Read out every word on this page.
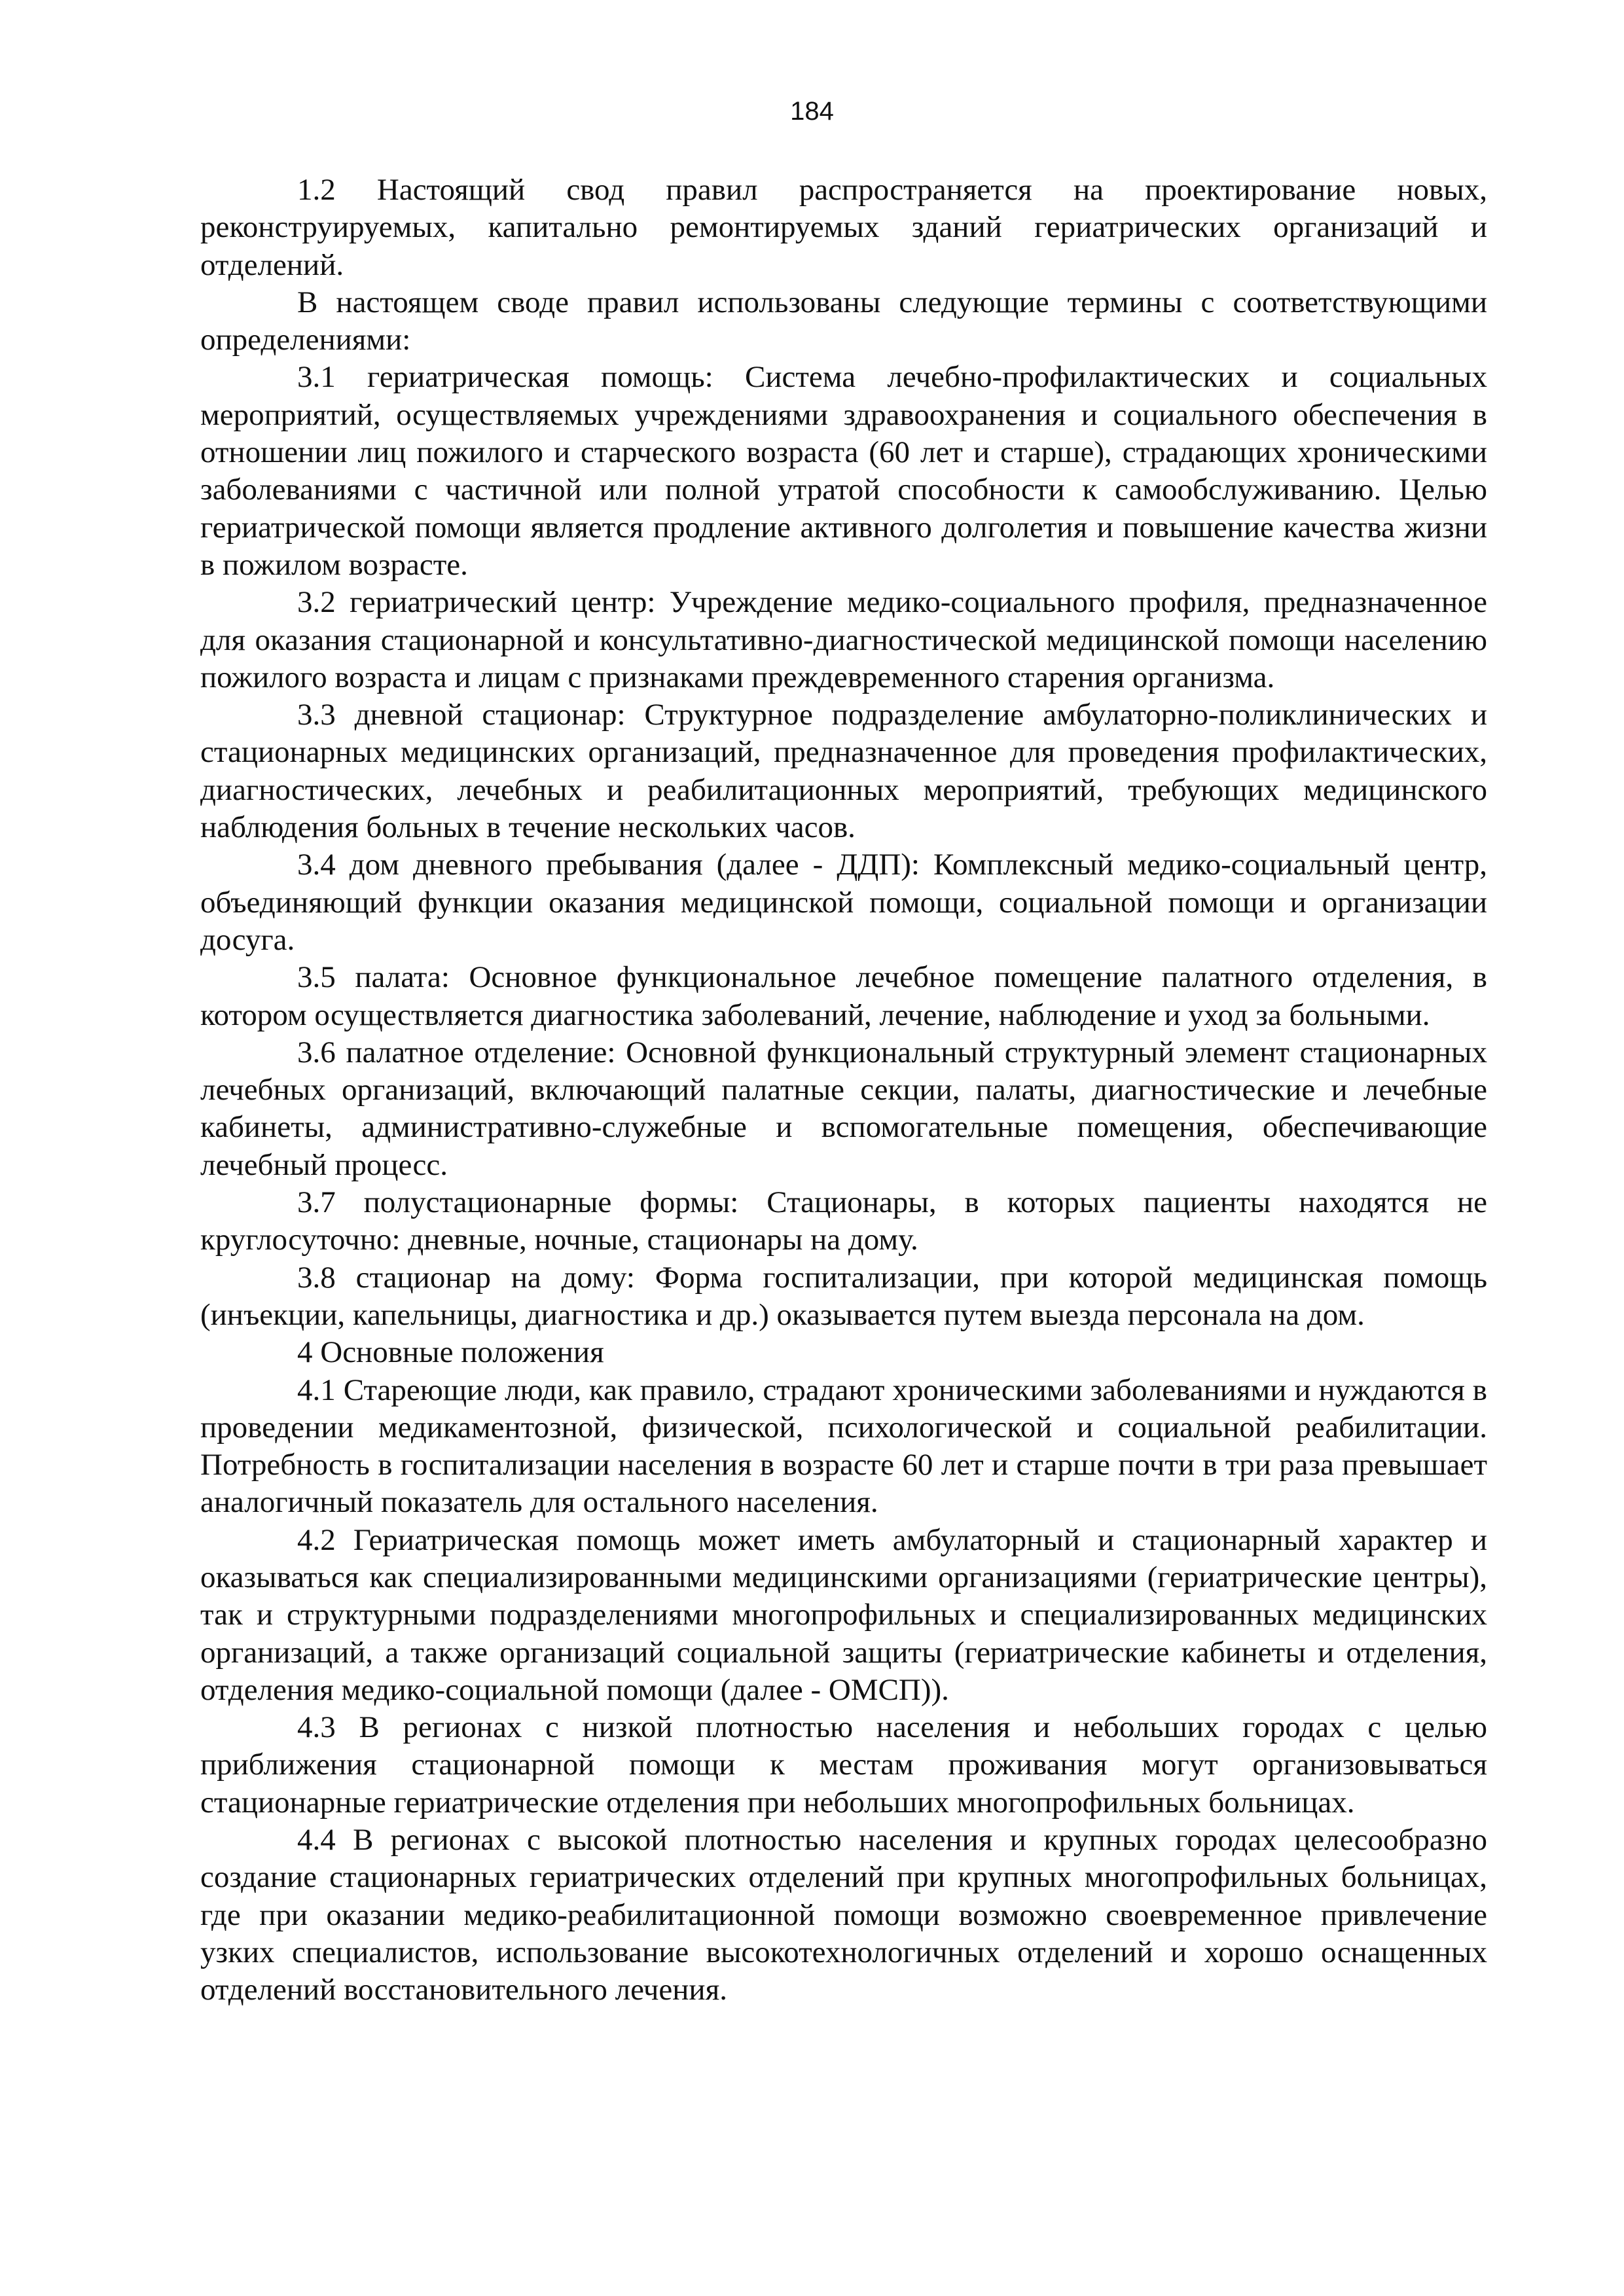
184

1.2 Настоящий свод правил распространяется на проектирование новых, реконструируемых, капитально ремонтируемых зданий гериатрических организаций и отделений.

В настоящем своде правил использованы следующие термины с соответствующими определениями:

3.1 гериатрическая помощь: Система лечебно-профилактических и социальных мероприятий, осуществляемых учреждениями здравоохранения и социального обеспечения в отношении лиц пожилого и старческого возраста (60 лет и старше), страдающих хроническими заболеваниями с частичной или полной утратой способности к самообслуживанию. Целью гериатрической помощи является продление активного долголетия и повышение качества жизни в пожилом возрасте.

3.2 гериатрический центр: Учреждение медико-социального профиля, предназначенное для оказания стационарной и консультативно-диагностической медицинской помощи населению пожилого возраста и лицам с признаками преждевременного старения организма.

3.3 дневной стационар: Структурное подразделение амбулаторно-поликлинических и стационарных медицинских организаций, предназначенное для проведения профилактических, диагностических, лечебных и реабилитационных мероприятий, требующих медицинского наблюдения больных в течение нескольких часов.

3.4 дом дневного пребывания (далее - ДДП): Комплексный медико-социальный центр, объединяющий функции оказания медицинской помощи, социальной помощи и организации досуга.

3.5 палата: Основное функциональное лечебное помещение палатного отделения, в котором осуществляется диагностика заболеваний, лечение, наблюдение и уход за больными.

3.6 палатное отделение: Основной функциональный структурный элемент стационарных лечебных организаций, включающий палатные секции, палаты, диагностические и лечебные кабинеты, административно-служебные и вспомогательные помещения, обеспечивающие лечебный процесс.

3.7 полустационарные формы: Стационары, в которых пациенты находятся не круглосуточно: дневные, ночные, стационары на дому.

3.8 стационар на дому: Форма госпитализации, при которой медицинская помощь (инъекции, капельницы, диагностика и др.) оказывается путем выезда персонала на дом.

4 Основные положения

4.1 Стареющие люди, как правило, страдают хроническими заболеваниями и нуждаются в проведении медикаментозной, физической, психологической и социальной реабилитации. Потребность в госпитализации населения в возрасте 60 лет и старше почти в три раза превышает аналогичный показатель для остального населения.

4.2 Гериатрическая помощь может иметь амбулаторный и стационарный характер и оказываться как специализированными медицинскими организациями (гериатрические центры), так и структурными подразделениями многопрофильных и специализированных медицинских организаций, а также организаций социальной защиты (гериатрические кабинеты и отделения, отделения медико-социальной помощи (далее - ОМСП)).

4.3 В регионах с низкой плотностью населения и небольших городах с целью приближения стационарной помощи к местам проживания могут организовываться стационарные гериатрические отделения при небольших многопрофильных больницах.

4.4 В регионах с высокой плотностью населения и крупных городах целесообразно создание стационарных гериатрических отделений при крупных многопрофильных больницах, где при оказании медико-реабилитационной помощи возможно своевременное привлечение узких специалистов, использование высокотехнологичных отделений и хорошо оснащенных отделений восстановительного лечения.
